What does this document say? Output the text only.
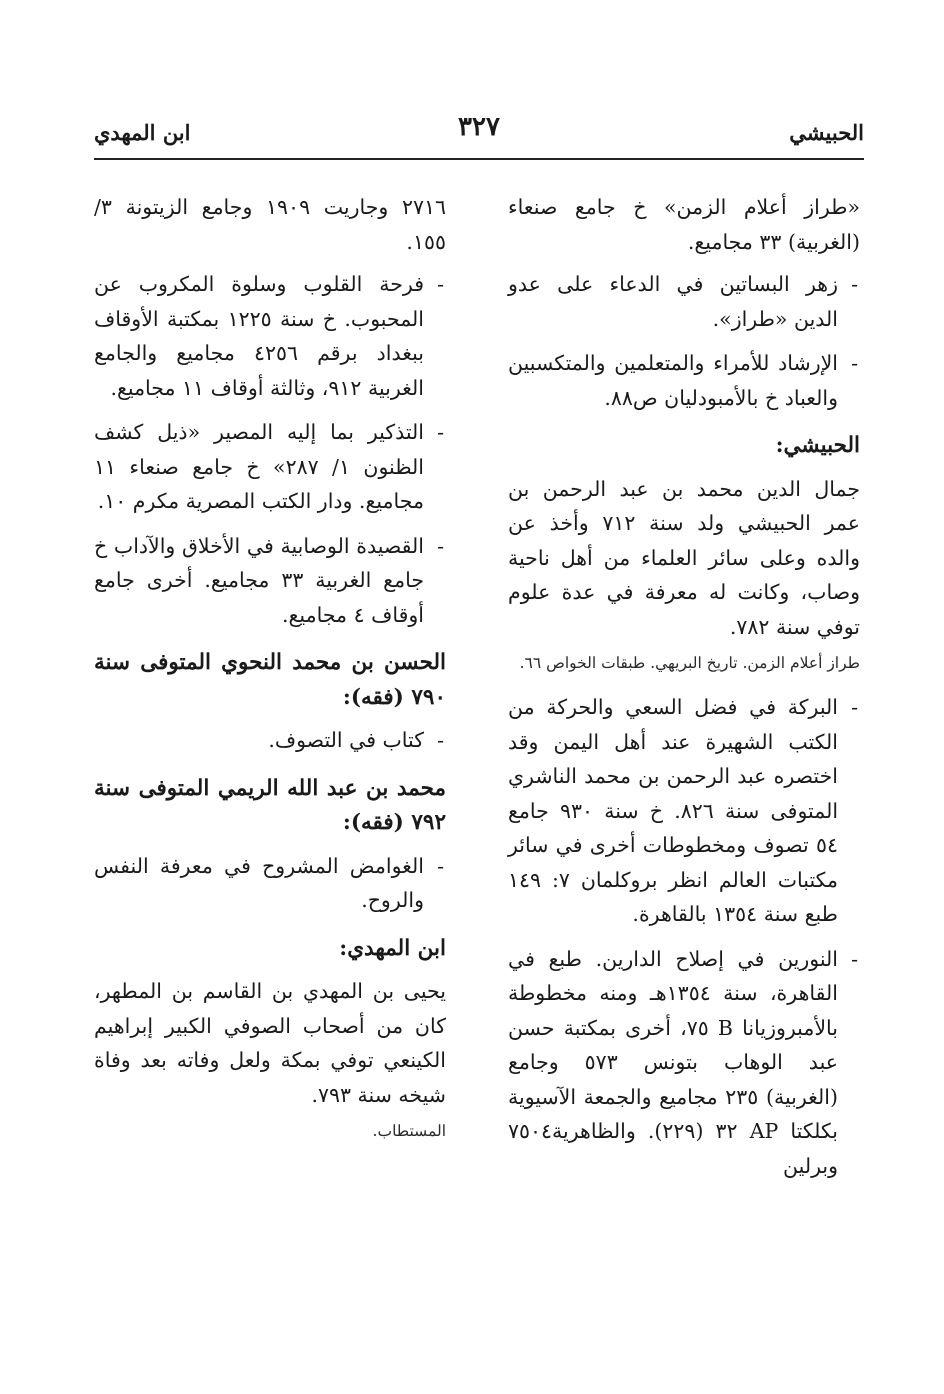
الحبيشي
٣٢٧
ابن المهدي

«طراز أعلام الزمن» خ جامع صنعاء (الغربية) ٣٣ مجاميع.

-
زهر البساتين في الدعاء على عدو الدين «طراز».
-
الإرشاد للأمراء والمتعلمين والمتكسبين والعباد خ بالأمبودليان ص٨٨.
الحبيشي:

جمال الدين محمد بن عبد الرحمن بن عمر الحبيشي ولد سنة ٧١٢ وأخذ عن والده وعلى سائر العلماء من أهل ناحية وصاب، وكانت له معرفة في عدة علوم توفي سنة ٧٨٢.

طراز أعلام الزمن. تاريخ البريهي. طبقات الخواص ٦٦.

-
البركة في فضل السعي والحركة من الكتب الشهيرة عند أهل اليمن وقد اختصره عبد الرحمن بن محمد الناشري المتوفى سنة ٨٢٦. خ سنة ٩٣٠ جامع ٥٤ تصوف ومخطوطات أخرى في سائر مكتبات العالم انظر بروكلمان ٧: ١٤٩ طبع سنة ١٣٥٤ بالقاهرة.
-
النورين في إصلاح الدارين. طبع في القاهرة، سنة ١٣٥٤هـ ومنه مخطوطة بالأمبروزيانا B ٧٥، أخرى بمكتبة حسن عبد الوهاب بتونس ٥٧٣ وجامع (الغربية) ٢٣٥ مجاميع والجمعة الآسيوية بكلكتا AP ٣٢ (٢٢٩). والظاهرية٧٥٠٤ وبرلين

٢٧١٦ وجاريت ١٩٠٩ وجامع الزيتونة ٣/ ١٥٥.

-
فرحة القلوب وسلوة المكروب عن المحبوب. خ سنة ١٢٢٥ بمكتبة الأوقاف ببغداد برقم ٤٢٥٦ مجاميع والجامع الغربية ٩١٢، وثالثة أوقاف ١١ مجاميع.
-
التذكير بما إليه المصير «ذيل كشف الظنون ١/ ٢٨٧» خ جامع صنعاء ١١ مجاميع. ودار الكتب المصرية مكرم ١٠.
-
القصيدة الوصابية في الأخلاق والآداب خ جامع الغربية ٣٣ مجاميع. أخرى جامع أوقاف ٤ مجاميع.
الحسن بن محمد النحوي المتوفى سنة ٧٩٠ (فقه):
-
كتاب في التصوف.
محمد بن عبد الله الريمي المتوفى سنة ٧٩٢ (فقه):
-
الغوامض المشروح في معرفة النفس والروح.
ابن المهدي:

يحيى بن المهدي بن القاسم بن المطهر، كان من أصحاب الصوفي الكبير إبراهيم الكينعي توفي بمكة ولعل وفاته بعد وفاة شيخه سنة ٧٩٣.

المستطاب.
